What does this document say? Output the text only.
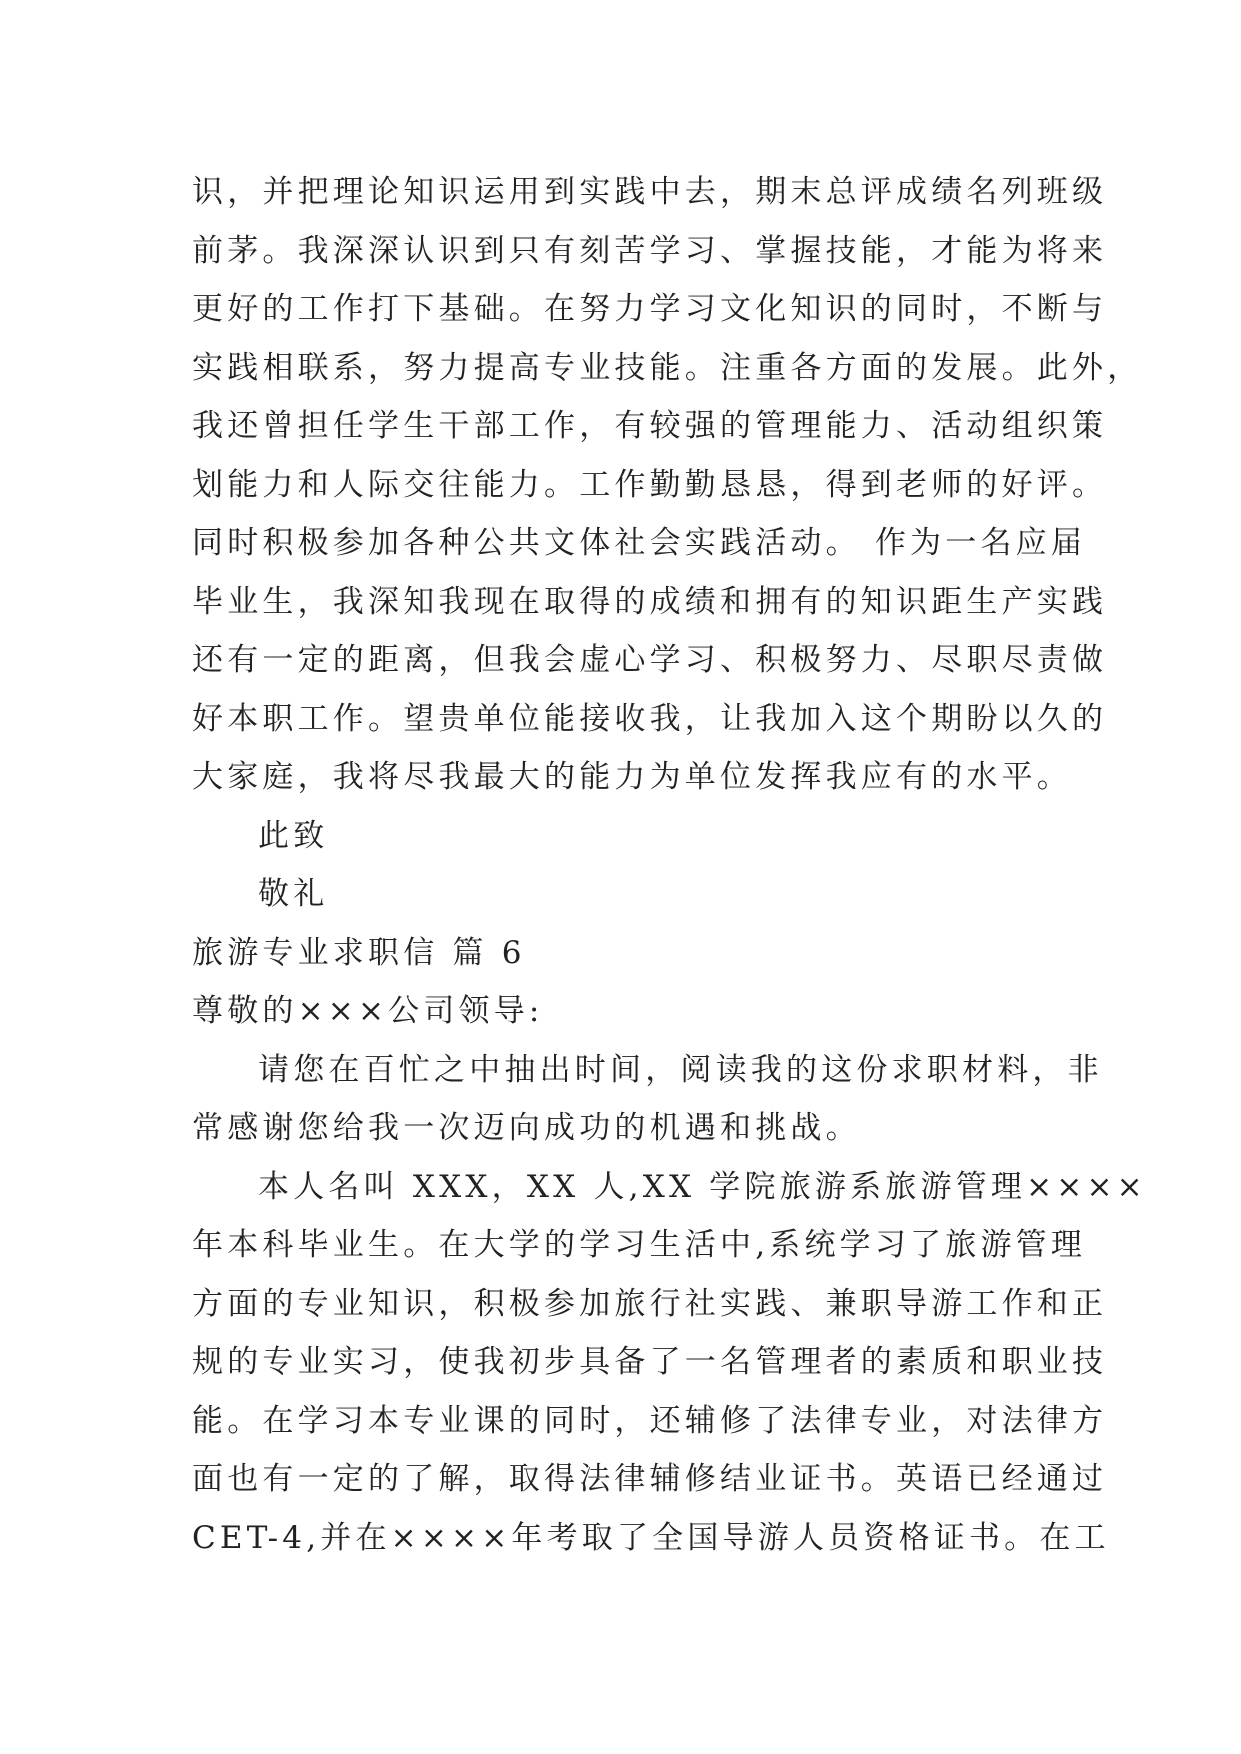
识，并把理论知识运用到实践中去，期末总评成绩名列班级
前茅。我深深认识到只有刻苦学习、掌握技能，才能为将来
更好的工作打下基础。在努力学习文化知识的同时，不断与
实践相联系，努力提高专业技能。注重各方面的发展。此外，
我还曾担任学生干部工作，有较强的管理能力、活动组织策
划能力和人际交往能力。工作勤勤恳恳，得到老师的好评。
同时积极参加各种公共文体社会实践活动。 作为一名应届
毕业生，我深知我现在取得的成绩和拥有的知识距生产实践
还有一定的距离，但我会虚心学习、积极努力、尽职尽责做
好本职工作。望贵单位能接收我，让我加入这个期盼以久的
大家庭，我将尽我最大的能力为单位发挥我应有的水平。
此致
敬礼
旅游专业求职信 篇 6
尊敬的×××公司领导:
请您在百忙之中抽出时间，阅读我的这份求职材料，非
常感谢您给我一次迈向成功的机遇和挑战。
本人名叫 XXX，XX 人,XX 学院旅游系旅游管理××××
年本科毕业生。在大学的学习生活中,系统学习了旅游管理
方面的专业知识，积极参加旅行社实践、兼职导游工作和正
规的专业实习，使我初步具备了一名管理者的素质和职业技
能。在学习本专业课的同时，还辅修了法律专业，对法律方
面也有一定的了解，取得法律辅修结业证书。英语已经通过
CET-4,并在××××年考取了全国导游人员资格证书。在工
